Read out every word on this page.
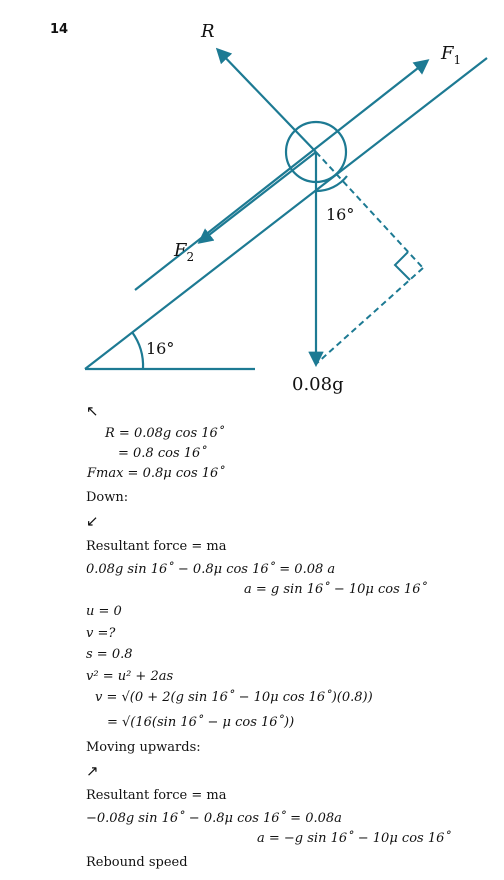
14	R
$F_1$
$F_2$
16°
16°
0.08g
↖
R = 0.08g cos 16˚
= 0.8 cos 16˚
Fmax = 0.8μ cos 16˚
Down:
↙
Resultant force = ma
0.08g sin 16˚ − 0.8μ cos 16˚ = 0.08 a
a = g sin 16˚ − 10μ cos 16˚
u = 0
v =?
s = 0.8
v² = u² + 2as
v = √(0 + 2(g sin 16˚ − 10μ cos 16˚)(0.8))
= √(16(sin 16˚ − μ cos 16˚))
Moving upwards:
↗
Resultant force = ma
−0.08g sin 16˚ − 0.8μ cos 16˚ = 0.08a
a = −g sin 16˚ − 10μ cos 16˚
Rebound speed
